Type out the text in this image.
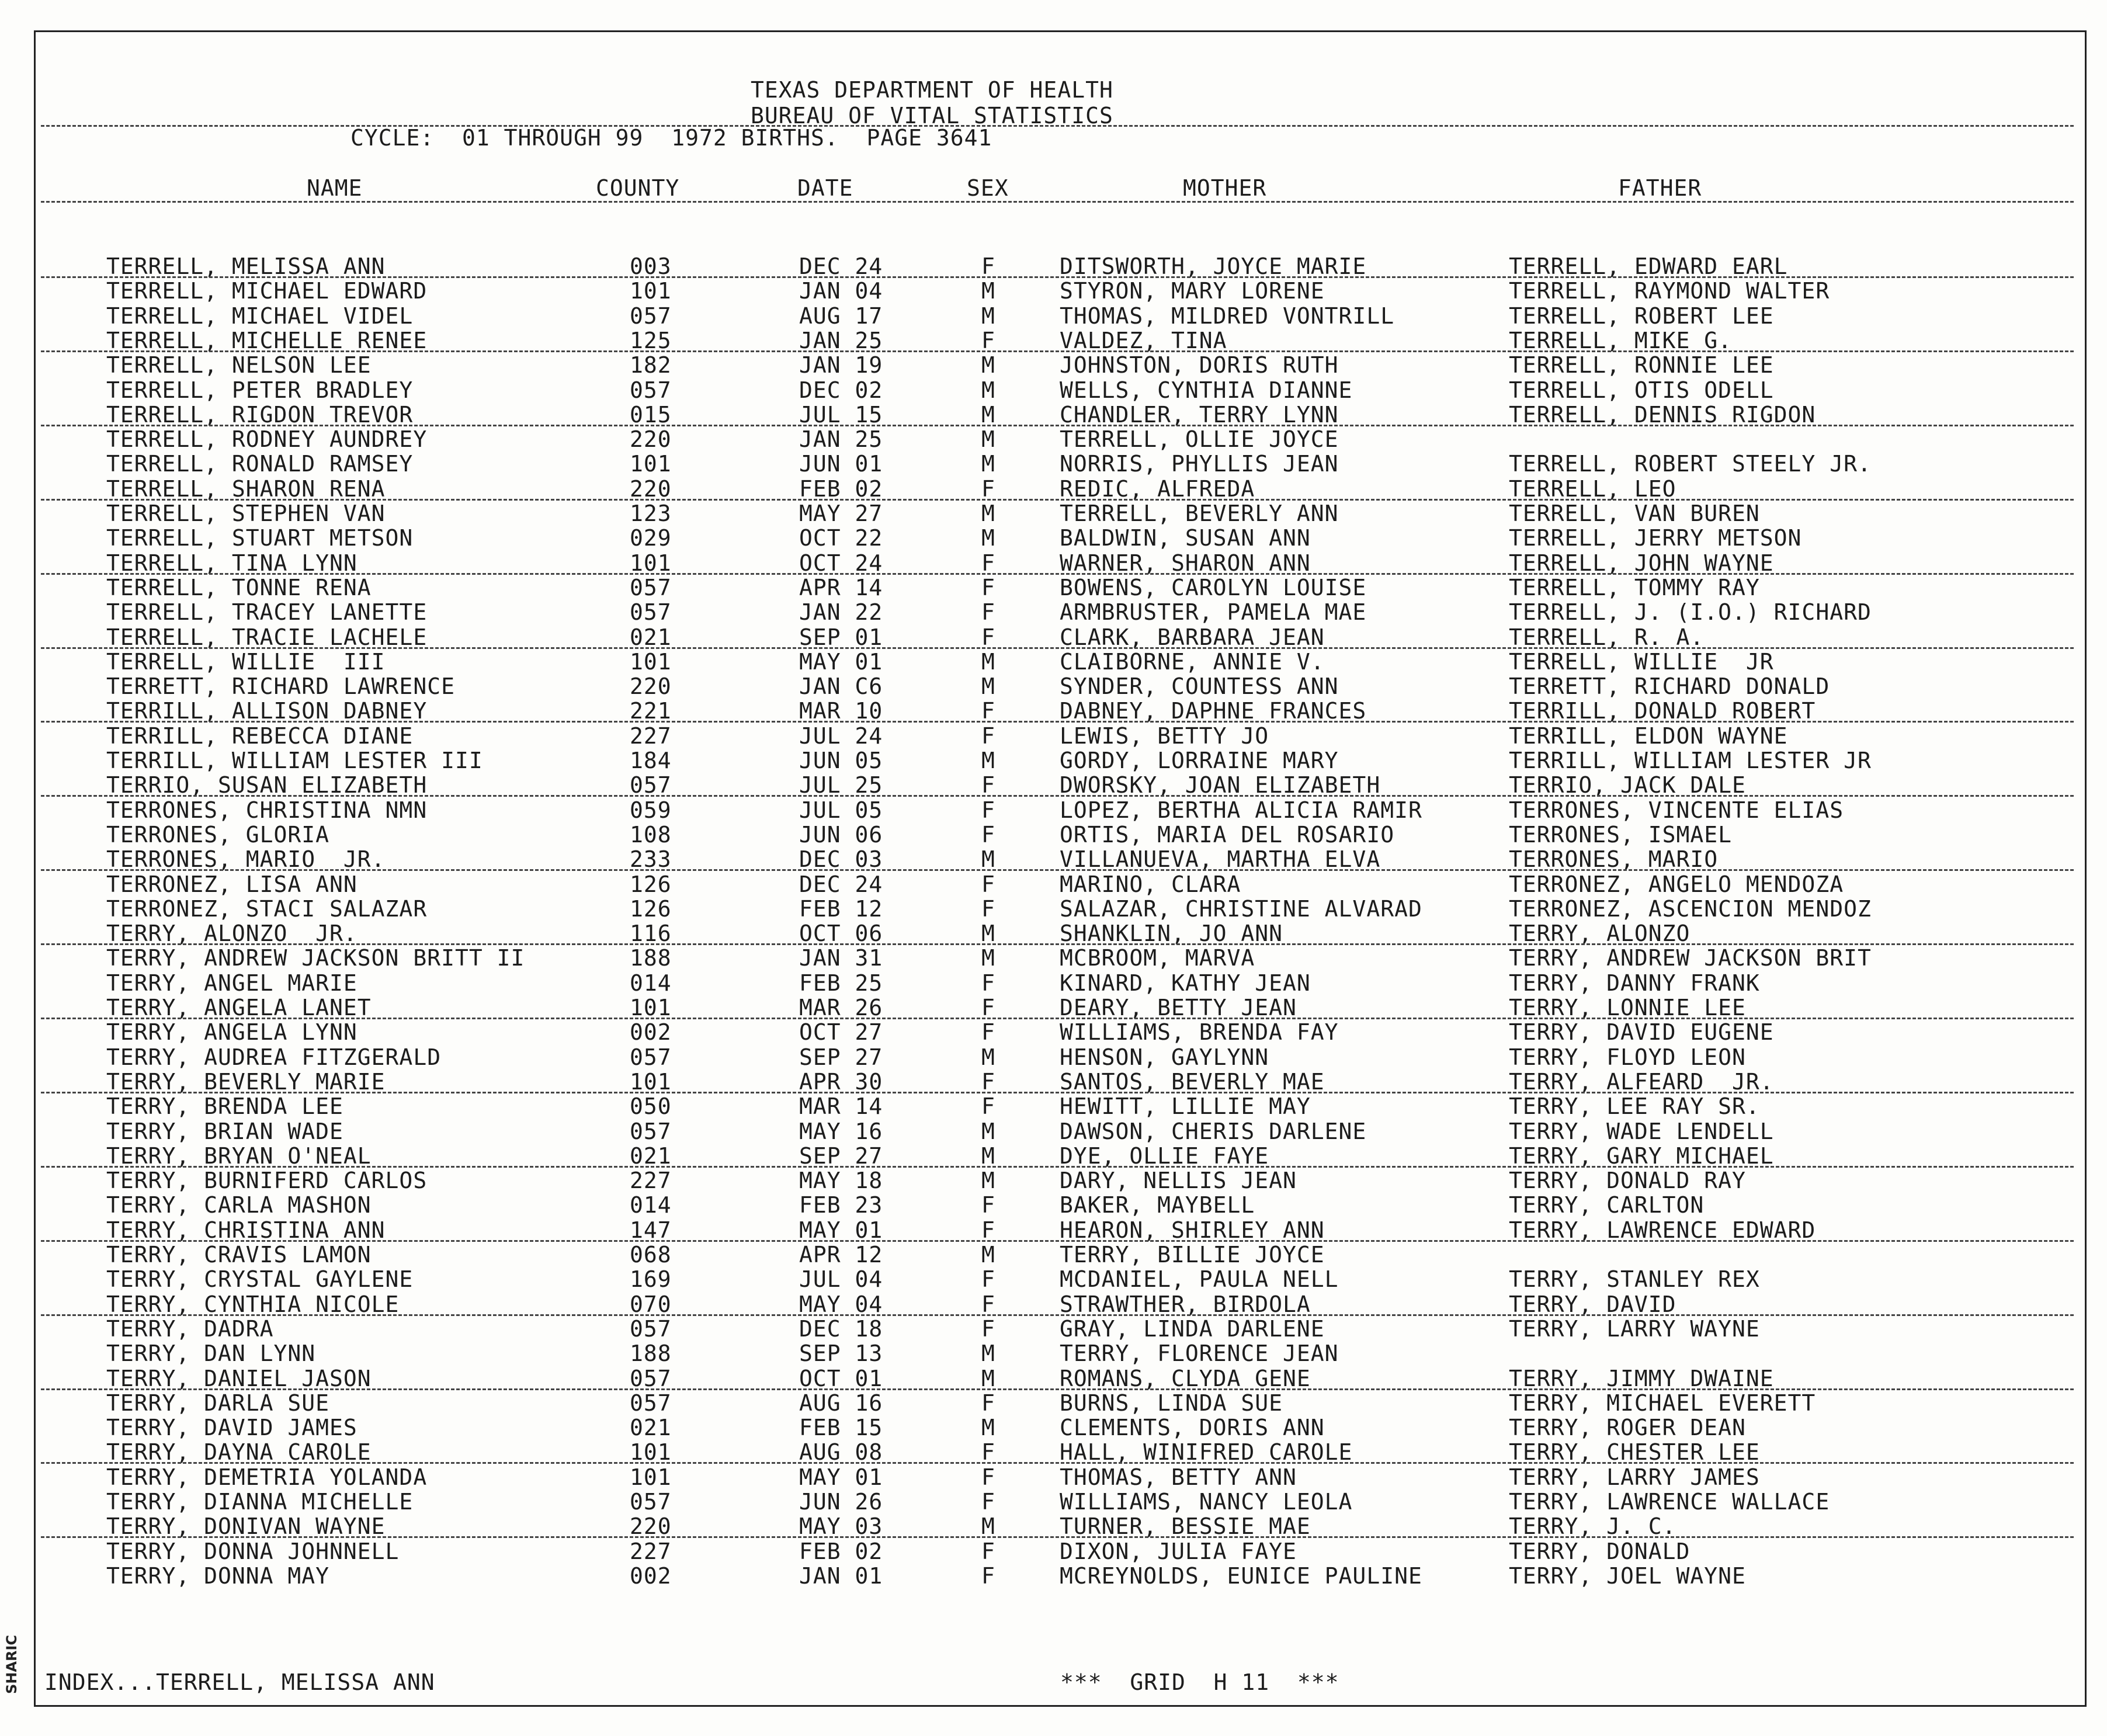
SHARIC
TEXAS DEPARTMENT OF HEALTH
BUREAU OF VITAL STATISTICS
CYCLE:  01 THROUGH 99  1972 BIRTHS.  PAGE 3641
NAME	COUNTY	DATE	SEX	MOTHER	FATHER
TERRELL, MELISSA ANN	003	DEC 24	F	DITSWORTH, JOYCE MARIE	TERRELL, EDWARD EARL
TERRELL, MICHAEL EDWARD	101	JAN 04	M	STYRON, MARY LORENE	TERRELL, RAYMOND WALTER
TERRELL, MICHAEL VIDEL	057	AUG 17	M	THOMAS, MILDRED VONTRILL	TERRELL, ROBERT LEE
TERRELL, MICHELLE RENEE	125	JAN 25	F	VALDEZ, TINA	TERRELL, MIKE G.
TERRELL, NELSON LEE	182	JAN 19	M	JOHNSTON, DORIS RUTH	TERRELL, RONNIE LEE
TERRELL, PETER BRADLEY	057	DEC 02	M	WELLS, CYNTHIA DIANNE	TERRELL, OTIS ODELL
TERRELL, RIGDON TREVOR	015	JUL 15	M	CHANDLER, TERRY LYNN	TERRELL, DENNIS RIGDON
TERRELL, RODNEY AUNDREY	220	JAN 25	M	TERRELL, OLLIE JOYCE
TERRELL, RONALD RAMSEY	101	JUN 01	M	NORRIS, PHYLLIS JEAN	TERRELL, ROBERT STEELY JR.
TERRELL, SHARON RENA	220	FEB 02	F	REDIC, ALFREDA	TERRELL, LEO
TERRELL, STEPHEN VAN	123	MAY 27	M	TERRELL, BEVERLY ANN	TERRELL, VAN BUREN
TERRELL, STUART METSON	029	OCT 22	M	BALDWIN, SUSAN ANN	TERRELL, JERRY METSON
TERRELL, TINA LYNN	101	OCT 24	F	WARNER, SHARON ANN	TERRELL, JOHN WAYNE
TERRELL, TONNE RENA	057	APR 14	F	BOWENS, CAROLYN LOUISE	TERRELL, TOMMY RAY
TERRELL, TRACEY LANETTE	057	JAN 22	F	ARMBRUSTER, PAMELA MAE	TERRELL, J. (I.O.) RICHARD
TERRELL, TRACIE LACHELE	021	SEP 01	F	CLARK, BARBARA JEAN	TERRELL, R. A.
TERRELL, WILLIE  III	101	MAY 01	M	CLAIBORNE, ANNIE V.	TERRELL, WILLIE  JR
TERRETT, RICHARD LAWRENCE	220	JAN C6	M	SYNDER, COUNTESS ANN	TERRETT, RICHARD DONALD
TERRILL, ALLISON DABNEY	221	MAR 10	F	DABNEY, DAPHNE FRANCES	TERRILL, DONALD ROBERT
TERRILL, REBECCA DIANE	227	JUL 24	F	LEWIS, BETTY JO	TERRILL, ELDON WAYNE
TERRILL, WILLIAM LESTER III	184	JUN 05	M	GORDY, LORRAINE MARY	TERRILL, WILLIAM LESTER JR
TERRIO, SUSAN ELIZABETH	057	JUL 25	F	DWORSKY, JOAN ELIZABETH	TERRIO, JACK DALE
TERRONES, CHRISTINA NMN	059	JUL 05	F	LOPEZ, BERTHA ALICIA RAMIR	TERRONES, VINCENTE ELIAS
TERRONES, GLORIA	108	JUN 06	F	ORTIS, MARIA DEL ROSARIO	TERRONES, ISMAEL
TERRONES, MARIO  JR.	233	DEC 03	M	VILLANUEVA, MARTHA ELVA	TERRONES, MARIO
TERRONEZ, LISA ANN	126	DEC 24	F	MARINO, CLARA	TERRONEZ, ANGELO MENDOZA
TERRONEZ, STACI SALAZAR	126	FEB 12	F	SALAZAR, CHRISTINE ALVARAD	TERRONEZ, ASCENCION MENDOZ
TERRY, ALONZO  JR.	116	OCT 06	M	SHANKLIN, JO ANN	TERRY, ALONZO
TERRY, ANDREW JACKSON BRITT II	188	JAN 31	M	MCBROOM, MARVA	TERRY, ANDREW JACKSON BRIT
TERRY, ANGEL MARIE	014	FEB 25	F	KINARD, KATHY JEAN	TERRY, DANNY FRANK
TERRY, ANGELA LANET	101	MAR 26	F	DEARY, BETTY JEAN	TERRY, LONNIE LEE
TERRY, ANGELA LYNN	002	OCT 27	F	WILLIAMS, BRENDA FAY	TERRY, DAVID EUGENE
TERRY, AUDREA FITZGERALD	057	SEP 27	M	HENSON, GAYLYNN	TERRY, FLOYD LEON
TERRY, BEVERLY MARIE	101	APR 30	F	SANTOS, BEVERLY MAE	TERRY, ALFEARD  JR.
TERRY, BRENDA LEE	050	MAR 14	F	HEWITT, LILLIE MAY	TERRY, LEE RAY SR.
TERRY, BRIAN WADE	057	MAY 16	M	DAWSON, CHERIS DARLENE	TERRY, WADE LENDELL
TERRY, BRYAN O'NEAL	021	SEP 27	M	DYE, OLLIE FAYE	TERRY, GARY MICHAEL
TERRY, BURNIFERD CARLOS	227	MAY 18	M	DARY, NELLIS JEAN	TERRY, DONALD RAY
TERRY, CARLA MASHON	014	FEB 23	F	BAKER, MAYBELL	TERRY, CARLTON
TERRY, CHRISTINA ANN	147	MAY 01	F	HEARON, SHIRLEY ANN	TERRY, LAWRENCE EDWARD
TERRY, CRAVIS LAMON	068	APR 12	M	TERRY, BILLIE JOYCE
TERRY, CRYSTAL GAYLENE	169	JUL 04	F	MCDANIEL, PAULA NELL	TERRY, STANLEY REX
TERRY, CYNTHIA NICOLE	070	MAY 04	F	STRAWTHER, BIRDOLA	TERRY, DAVID
TERRY, DADRA	057	DEC 18	F	GRAY, LINDA DARLENE	TERRY, LARRY WAYNE
TERRY, DAN LYNN	188	SEP 13	M	TERRY, FLORENCE JEAN
TERRY, DANIEL JASON	057	OCT 01	M	ROMANS, CLYDA GENE	TERRY, JIMMY DWAINE
TERRY, DARLA SUE	057	AUG 16	F	BURNS, LINDA SUE	TERRY, MICHAEL EVERETT
TERRY, DAVID JAMES	021	FEB 15	M	CLEMENTS, DORIS ANN	TERRY, ROGER DEAN
TERRY, DAYNA CAROLE	101	AUG 08	F	HALL, WINIFRED CAROLE	TERRY, CHESTER LEE
TERRY, DEMETRIA YOLANDA	101	MAY 01	F	THOMAS, BETTY ANN	TERRY, LARRY JAMES
TERRY, DIANNA MICHELLE	057	JUN 26	F	WILLIAMS, NANCY LEOLA	TERRY, LAWRENCE WALLACE
TERRY, DONIVAN WAYNE	220	MAY 03	M	TURNER, BESSIE MAE	TERRY, J. C.
TERRY, DONNA JOHNNELL	227	FEB 02	F	DIXON, JULIA FAYE	TERRY, DONALD
TERRY, DONNA MAY	002	JAN 01	F	MCREYNOLDS, EUNICE PAULINE	TERRY, JOEL WAYNE
INDEX...TERRELL, MELISSA ANN	***  GRID  H 11  ***
